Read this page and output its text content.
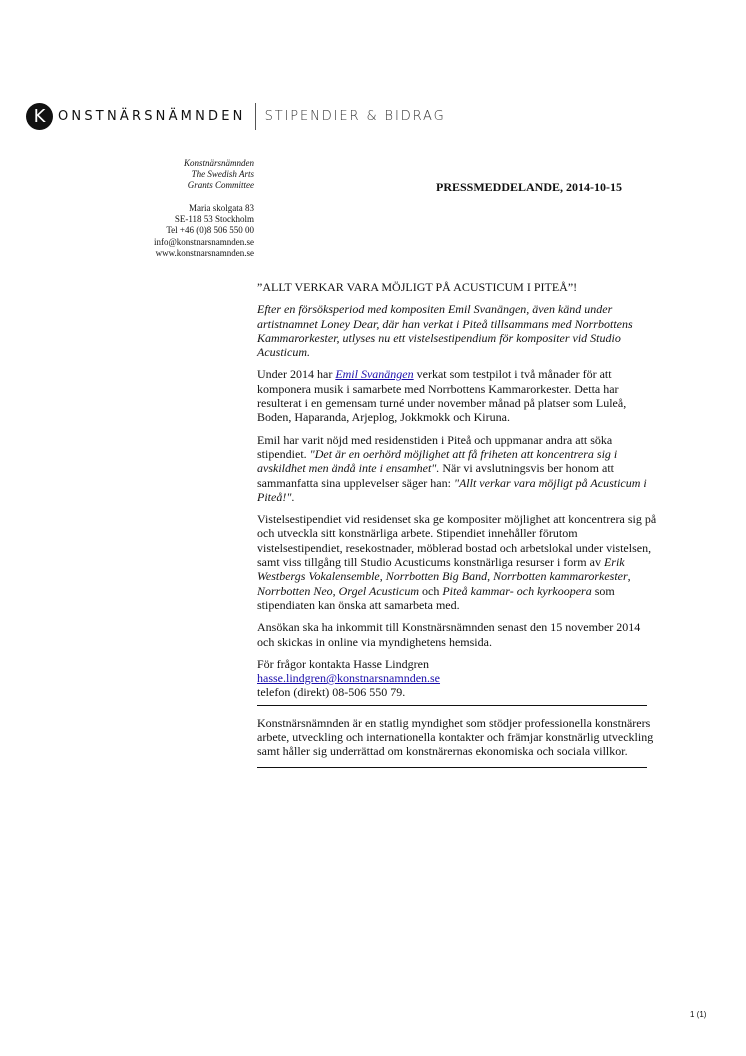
K ONSTNÄRSNÄMNDEN STIPENDIER & BIDRAG
Konstnärsnämnden
The Swedish Arts
Grants Committee
Maria skolgata 83
SE-118 53 Stockholm
Tel +46 (0)8 506 550 00
info@konstnarsnamnden.se
www.konstnarsnamnden.se
PRESSMEDDELANDE, 2014-10-15

”ALLT VERKAR VARA MÖJLIGT PÅ ACUSTICUM I PITEÅ”!

Efter en försöksperiod med kompositen Emil Svanängen, även känd under artistnamnet Loney Dear, där han verkat i Piteå tillsammans med Norrbottens Kammarorkester, utlyses nu ett vistelsestipendium för kompositer vid Studio Acusticum.

Under 2014 har Emil Svanängen verkat som testpilot i två månader för att komponera musik i samarbete med Norrbottens Kammarorkester. Detta har resulterat i en gemensam turné under november månad på platser som Luleå, Boden, Haparanda, Arjeplog, Jokkmokk och Kiruna.

Emil har varit nöjd med residenstiden i Piteå och uppmanar andra att söka stipendiet. "Det är en oerhörd möjlighet att få friheten att koncentrera sig i avskildhet men ändå inte i ensamhet". När vi avslutningsvis ber honom att sammanfatta sina upplevelser säger han: "Allt verkar vara möjligt på Acusticum i Piteå!".

Vistelsestipendiet vid residenset ska ge kompositer möjlighet att koncentrera sig på och utveckla sitt konstnärliga arbete. Stipendiet innehåller förutom vistelsestipendiet, resekostnader, möblerad bostad och arbetslokal under vistelsen, samt viss tillgång till Studio Acusticums konstnärliga resurser i form av Erik Westbergs Vokalensemble, Norrbotten Big Band, Norrbotten kammarorkester, Norrbotten Neo, Orgel Acusticum och Piteå kammar- och kyrkoopera som stipendiaten kan önska att samarbeta med.

Ansökan ska ha inkommit till Konstnärsnämnden senast den 15 november 2014 och skickas in online via myndighetens hemsida.

För frågor kontakta Hasse Lindgren
hasse.lindgren@konstnarsnamnden.se
telefon (direkt) 08-506 550 79.

Konstnärsnämnden är en statlig myndighet som stödjer professionella konstnärers arbete, utveckling och internationella kontakter och främjar konstnärlig utveckling samt håller sig underrättad om konstnärernas ekonomiska och sociala villkor.

1 (1)
